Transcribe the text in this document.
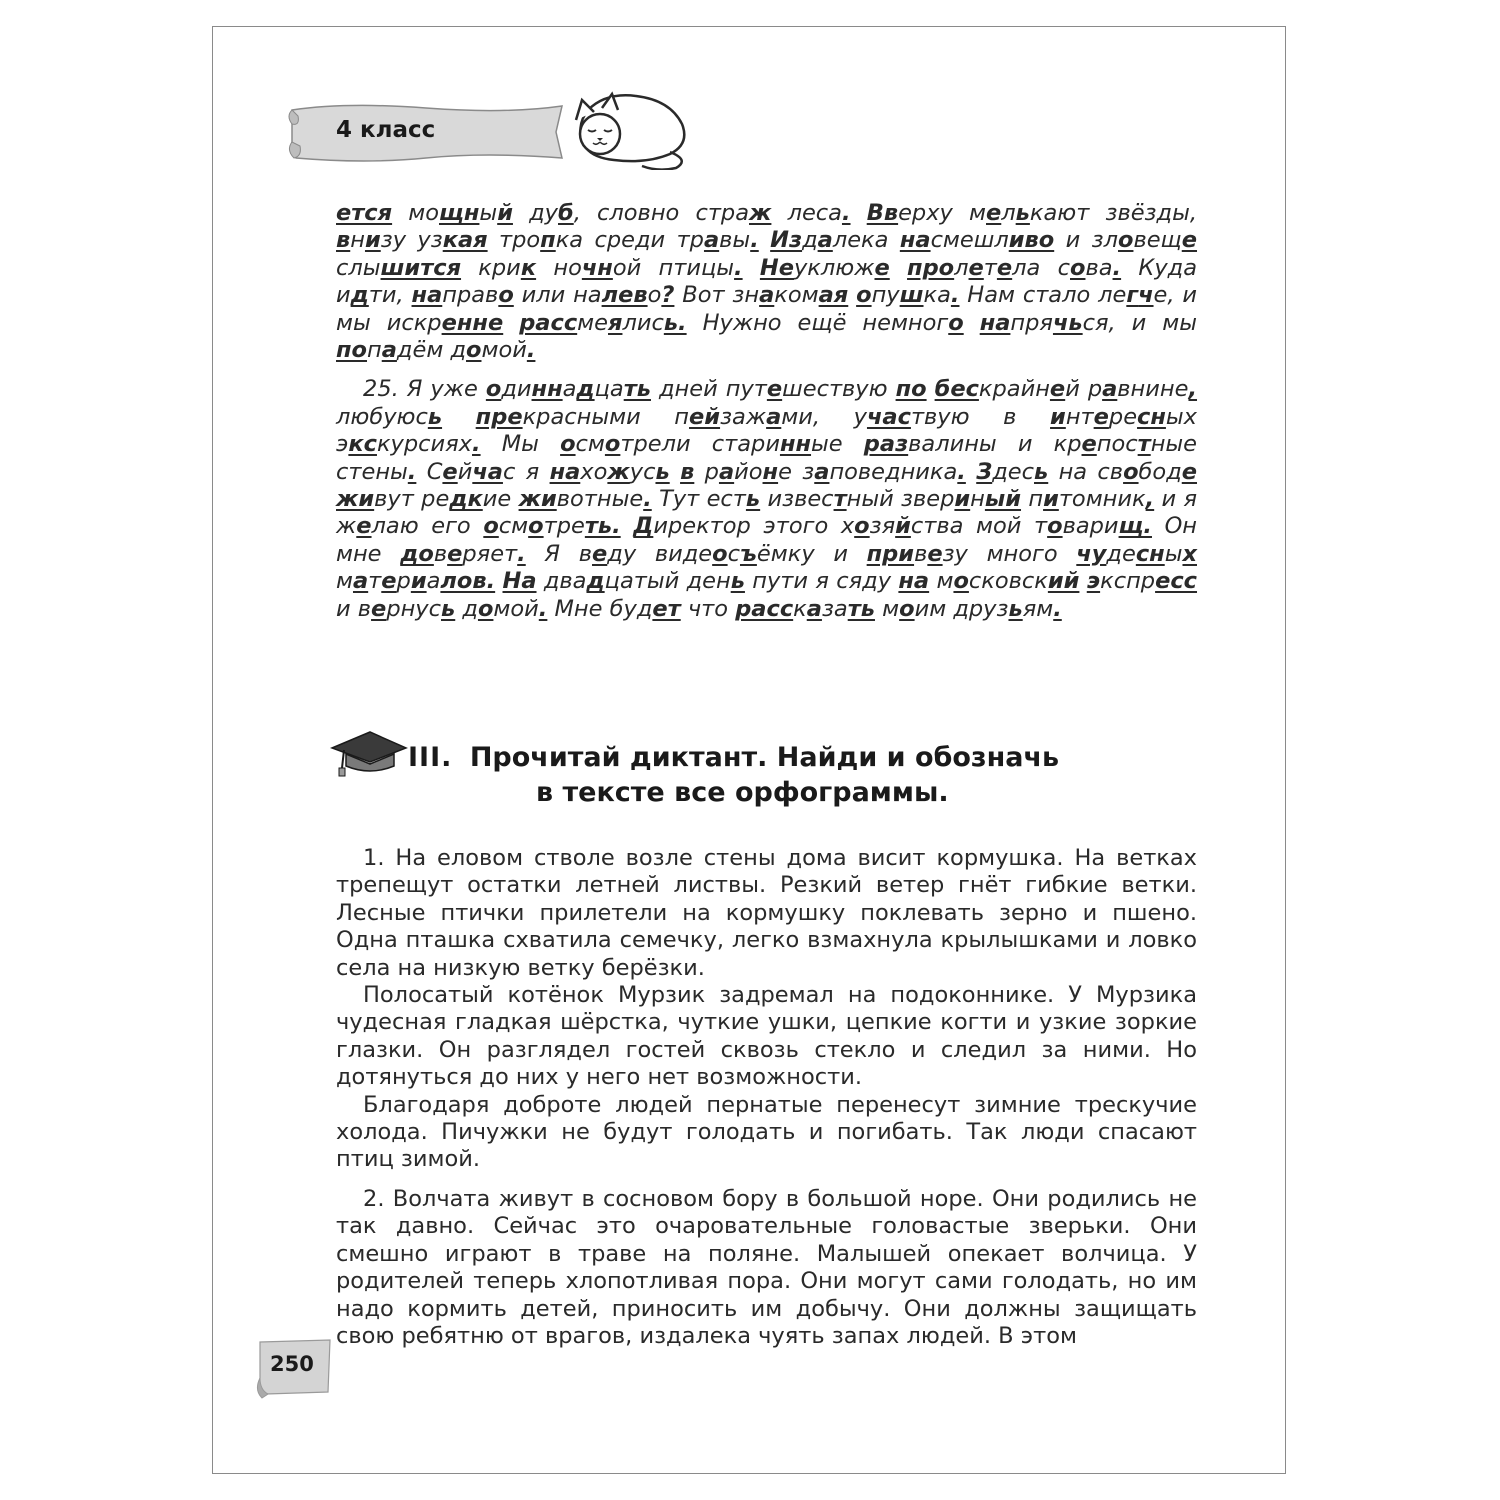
4 класс

ется мощный дуб, словно страж леса. Вверху мелькают звёзды, внизу узкая тропка среди травы. Издалека насмешливо и зловеще слышится крик ночной птицы. Неуклюже пролетела сова. Куда идти, направо или налево? Вот знакомая опушка. Нам стало легче, и мы искренне рассмеялись. Нужно ещё немного напрячься, и мы попадём домой.

25. Я уже одиннадцать дней путешествую по бескрайней равнине, любуюсь прекрасными пейзажами, участвую в интересных экскурсиях. Мы осмотрели старинные развалины и крепостные стены. Сейчас я нахожусь в районе заповедника. Здесь на свободе живут редкие животные. Тут есть известный звериный питомник, и я желаю его осмотреть. Директор этого хозяйства мой товарищ. Он мне доверяет. Я веду видеосъёмку и привезу много чудесных материалов. На двадцатый день пути я сяду на московский экспресс и вернусь домой. Мне будет что рассказать моим друзьям.

III. Прочитай диктант. Найди и обозначь
в тексте все орфограммы.

1. На еловом стволе возле стены дома висит кормушка. На ветках трепещут остатки летней листвы. Резкий ветер гнёт гибкие ветки. Лесные птички прилетели на кормушку поклевать зерно и пшено. Одна пташка схватила семечку, легко взмахнула крылышками и ловко села на низкую ветку берёзки.

Полосатый котёнок Мурзик задремал на подоконнике. У Мурзика чудесная гладкая шёрстка, чуткие ушки, цепкие когти и узкие зоркие глазки. Он разглядел гостей сквозь стекло и следил за ними. Но дотянуться до них у него нет возможности.

Благодаря доброте людей пернатые перенесут зимние трескучие холода. Пичужки не будут голодать и погибать. Так люди спасают птиц зимой.

2. Волчата живут в сосновом бору в большой норе. Они родились не так давно. Сейчас это очаровательные головастые зверьки. Они смешно играют в траве на поляне. Малышей опекает волчица. У родителей теперь хлопотливая пора. Они могут сами голодать, но им надо кормить детей, приносить им добычу. Они должны защищать свою ребятню от врагов, издалека чуять запах людей. В этом

250
